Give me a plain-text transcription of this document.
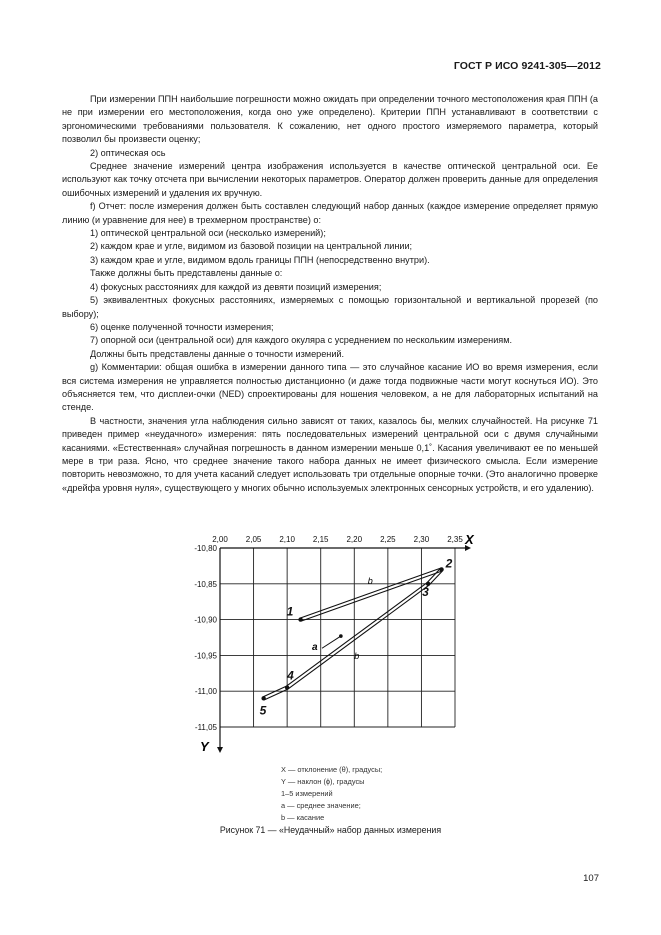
ГОСТ Р ИСО 9241-305—2012

При измерении ППН наибольшие погрешности можно ожидать при определении точного местоположения края ППН (а не при измерении его местоположения, когда оно уже определено). Критерии ППН устанавливают в соответствии с эргономическими требованиями пользователя. К сожалению, нет одного простого измеряемого параметра, который позволил бы произвести оценку;

2) оптическая ось

Среднее значение измерений центра изображения используется в качестве оптической центральной оси. Ее используют как точку отсчета при вычислении некоторых параметров. Оператор должен проверить данные для определения ошибочных измерений и удаления их вручную.

f) Отчет: после измерения должен быть составлен следующий набор данных (каждое измерение определяет прямую линию (и уравнение для нее) в трехмерном пространстве) о:

1) оптической центральной оси (несколько измерений);

2) каждом крае и угле, видимом из базовой позиции на центральной линии;

3) каждом крае и угле, видимом вдоль границы ППН (непосредственно внутри).

Также должны быть представлены данные о:

4) фокусных расстояниях для каждой из девяти позиций измерения;

5) эквивалентных фокусных расстояниях, измеряемых с помощью горизонтальной и вертикальной прорезей (по выбору);

6) оценке полученной точности измерения;

7) опорной оси (центральной оси) для каждого окуляра с усреднением по нескольким измерениям.

Должны быть представлены данные о точности измерений.

g) Комментарии: общая ошибка в измерении данного типа — это случайное касание ИО во время измерения, если вся система измерения не управляется полностью дистанционно (и даже тогда подвижные части могут коснуться ИО). Это объясняется тем, что дисплеи-очки (NED) спроектированы для ношения человеком, а не для лабораторных испытаний на стенде.

В частности, значения угла наблюдения сильно зависят от таких, казалось бы, мелких случайностей. На рисунке 71 приведен пример «неудачного» измерения: пять последовательных измерений центральной оси с двумя случайными касаниями. «Естественная» случайная погрешность в данном измерении меньше 0,1˚. Касания увеличивают ее по меньшей мере в три раза. Ясно, что среднее значение такого набора данных не имеет физического смысла. Если измерение повторить невозможно, то для учета касаний следует использовать три отдельные опорные точки. (Это аналогично проверке «дрейфа уровня нуля», существующего у многих обычно используемых электронных сенсорных устройств, и его удалению).

2,00 2,05 2,10 2,15 2,20 2,25 2,30 2,35
-10,80
-10,85
-10,90
-10,95
-11,00
-11,05
X
Y
1
2
3
4
5
a
b
b
X — отклонение (θ), градусы;
Y — наклон (ϕ), градусы
1–5 измерений
a — среднее значение;
b — касание
Рисунок 71 — «Неудачный» набор данных измерения
107
